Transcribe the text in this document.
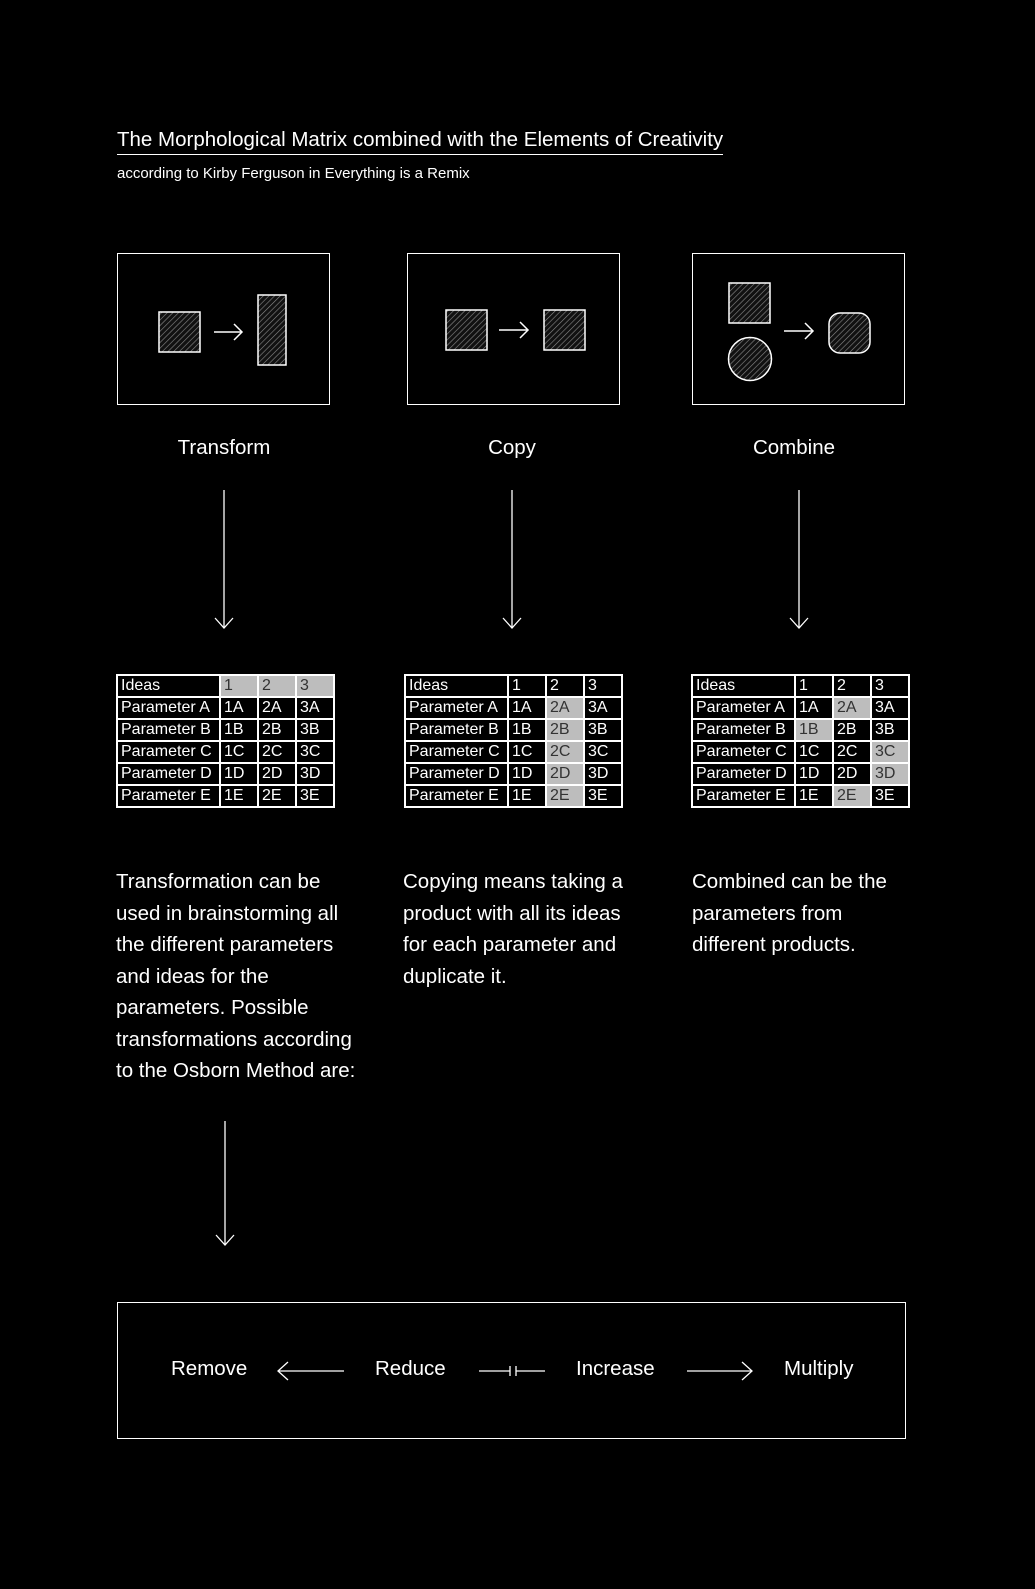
The Morphological Matrix combined with the Elements of Creativity
according to Kirby Ferguson in Everything is a Remix
Transform	Copy	Combine
Ideas	1	2	3
Parameter A	1A	2A	3A
Parameter B	1B	2B	3B
Parameter C	1C	2C	3C
Parameter D	1D	2D	3D
Parameter E	1E	2E	3E
Ideas	1	2	3
Parameter A	1A	2A	3A
Parameter B	1B	2B	3B
Parameter C	1C	2C	3C
Parameter D	1D	2D	3D
Parameter E	1E	2E	3E
Ideas	1	2	3
Parameter A	1A	2A	3A
Parameter B	1B	2B	3B
Parameter C	1C	2C	3C
Parameter D	1D	2D	3D
Parameter E	1E	2E	3E
Transformation can be used in brainstorming all the different parameters and ideas for the parameters. Possible transformations according to the Osborn Method are:
Copying means taking a product with all its ideas for each parameter and duplicate it.
Combined can be the parameters from different products.
Remove	Reduce	Increase	Multiply
